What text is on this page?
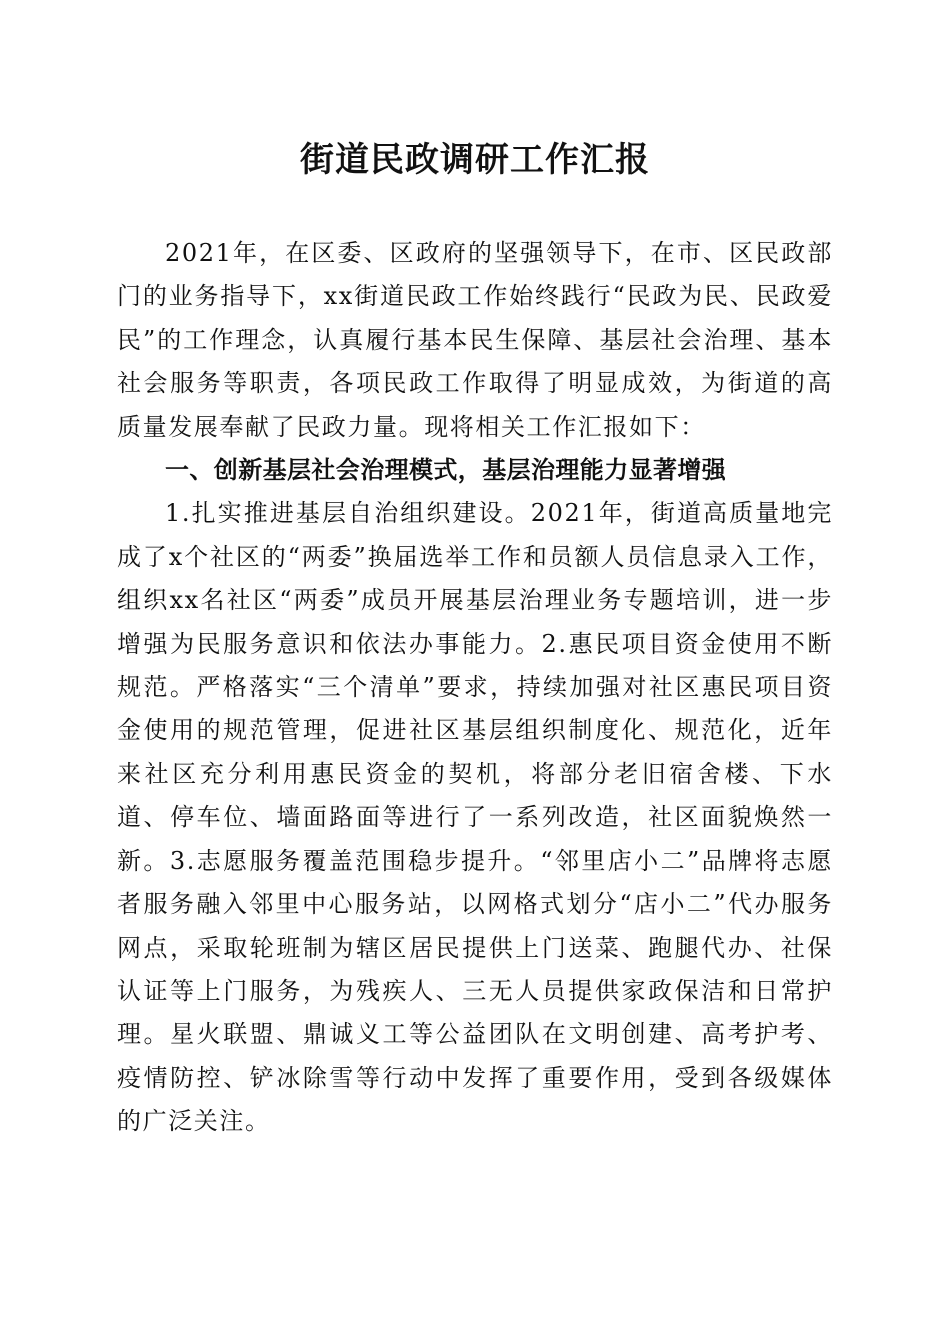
街道民政调研工作汇报

2021年，在区委、区政府的坚强领导下，在市、区民政部门的业务指导下，xx街道民政工作始终践行“民政为民、民政爱民”的工作理念，认真履行基本民生保障、基层社会治理、基本社会服务等职责，各项民政工作取得了明显成效，为街道的高质量发展奉献了民政力量。现将相关工作汇报如下：

一、创新基层社会治理模式，基层治理能力显著增强

1.扎实推进基层自治组织建设。2021年，街道高质量地完成了x个社区的“两委”换届选举工作和员额人员信息录入工作，组织xx名社区“两委”成员开展基层治理业务专题培训，进一步增强为民服务意识和依法办事能力。2.惠民项目资金使用不断规范。严格落实“三个清单”要求，持续加强对社区惠民项目资金使用的规范管理，促进社区基层组织制度化、规范化，近年来社区充分利用惠民资金的契机，将部分老旧宿舍楼、下水道、停车位、墙面路面等进行了一系列改造，社区面貌焕然一新。3.志愿服务覆盖范围稳步提升。“邻里店小二”品牌将志愿者服务融入邻里中心服务站，以网格式划分“店小二”代办服务网点，采取轮班制为辖区居民提供上门送菜、跑腿代办、社保认证等上门服务，为残疾人、三无人员提供家政保洁和日常护理。星火联盟、鼎诚义工等公益团队在文明创建、高考护考、疫情防控、铲冰除雪等行动中发挥了重要作用，受到各级媒体的广泛关注。
